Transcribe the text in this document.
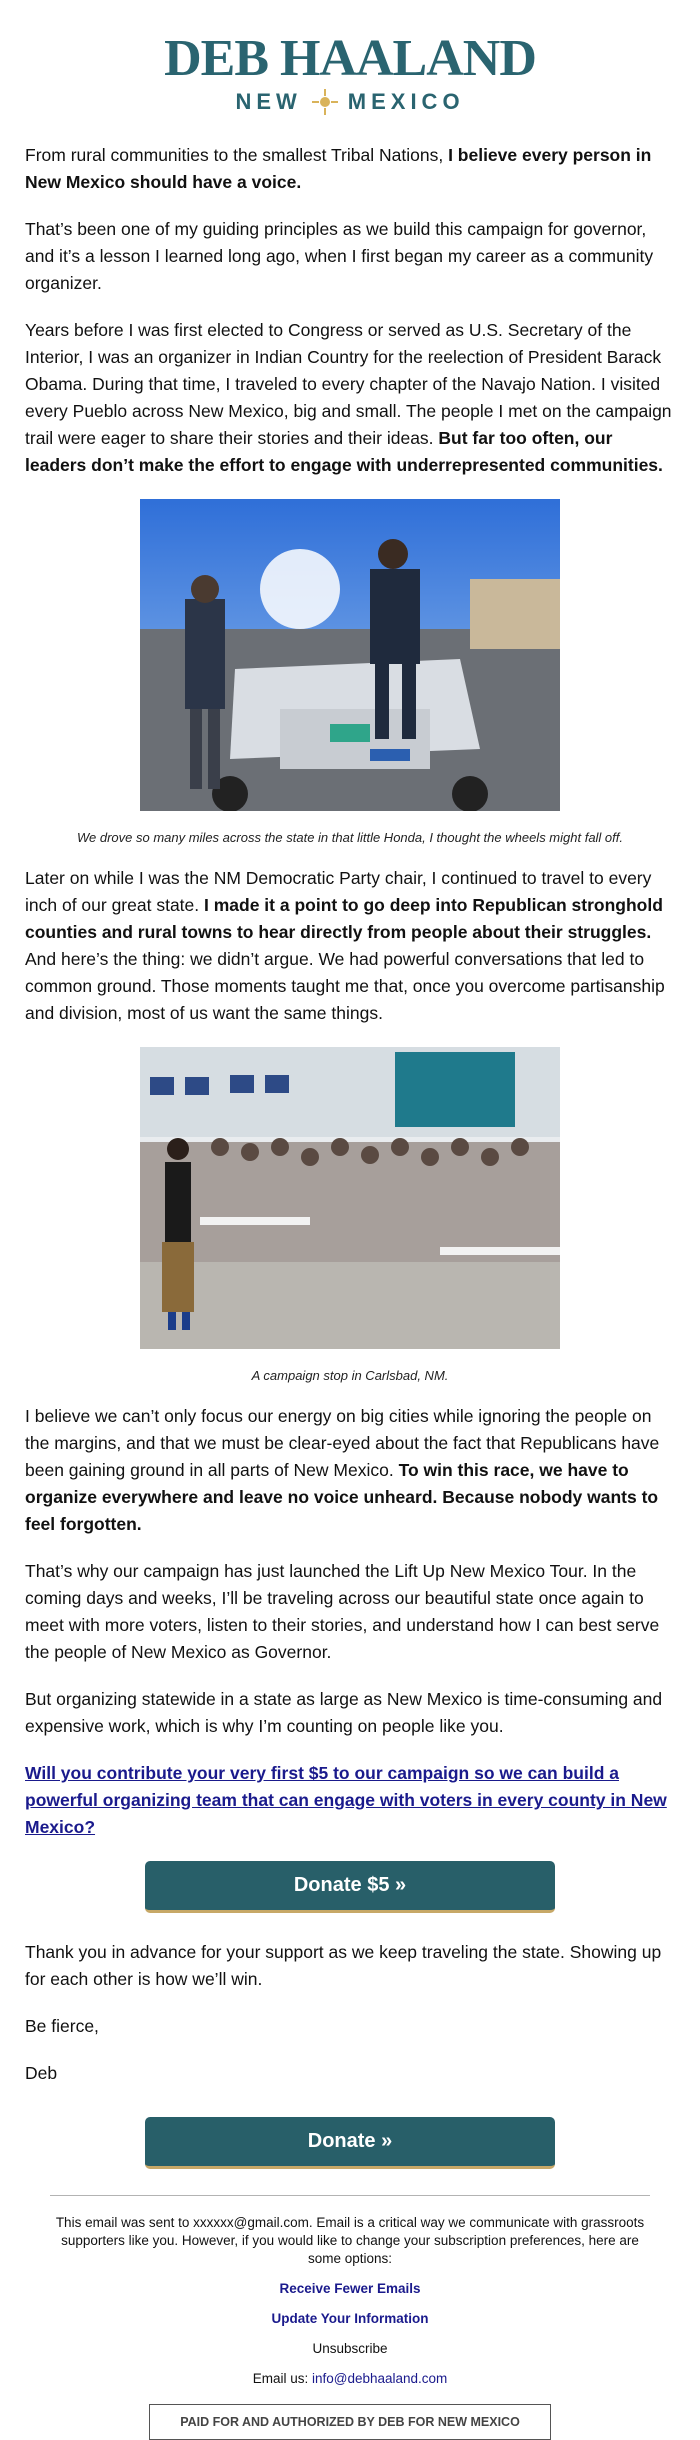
DEB HAALAND
NEW MEXICO

From rural communities to the smallest Tribal Nations, I believe every person in New Mexico should have a voice.

That’s been one of my guiding principles as we build this campaign for governor, and it’s a lesson I learned long ago, when I first began my career as a community organizer.

Years before I was first elected to Congress or served as U.S. Secretary of the Interior, I was an organizer in Indian Country for the reelection of President Barack Obama. During that time, I traveled to every chapter of the Navajo Nation. I visited every Pueblo across New Mexico, big and small. The people I met on the campaign trail were eager to share their stories and their ideas. But far too often, our leaders don’t make the effort to engage with underrepresented communities.

We drove so many miles across the state in that little Honda, I thought the wheels might fall off.

Later on while I was the NM Democratic Party chair, I continued to travel to every inch of our great state. I made it a point to go deep into Republican stronghold counties and rural towns to hear directly from people about their struggles. And here’s the thing: we didn’t argue. We had powerful conversations that led to common ground. Those moments taught me that, once you overcome partisanship and division, most of us want the same things.

A campaign stop in Carlsbad, NM.

I believe we can’t only focus our energy on big cities while ignoring the people on the margins, and that we must be clear-eyed about the fact that Republicans have been gaining ground in all parts of New Mexico. To win this race, we have to organize everywhere and leave no voice unheard. Because nobody wants to feel forgotten.

That’s why our campaign has just launched the Lift Up New Mexico Tour. In the coming days and weeks, I’ll be traveling across our beautiful state once again to meet with more voters, listen to their stories, and understand how I can best serve the people of New Mexico as Governor.

But organizing statewide in a state as large as New Mexico is time-consuming and expensive work, which is why I’m counting on people like you.

Will you contribute your very first $5 to our campaign so we can build a powerful organizing team that can engage with voters in every county in New Mexico?

Donate $5 »

Thank you in advance for your support as we keep traveling the state. Showing up for each other is how we’ll win.

Be fierce,

Deb

Donate »

This email was sent to xxxxxx@gmail.com. Email is a critical way we communicate with grassroots supporters like you. However, if you would like to change your subscription preferences, here are some options:

Receive Fewer Emails

Update Your Information

Unsubscribe

Email us: info@debhaaland.com

PAID FOR AND AUTHORIZED BY DEB FOR NEW MEXICO
